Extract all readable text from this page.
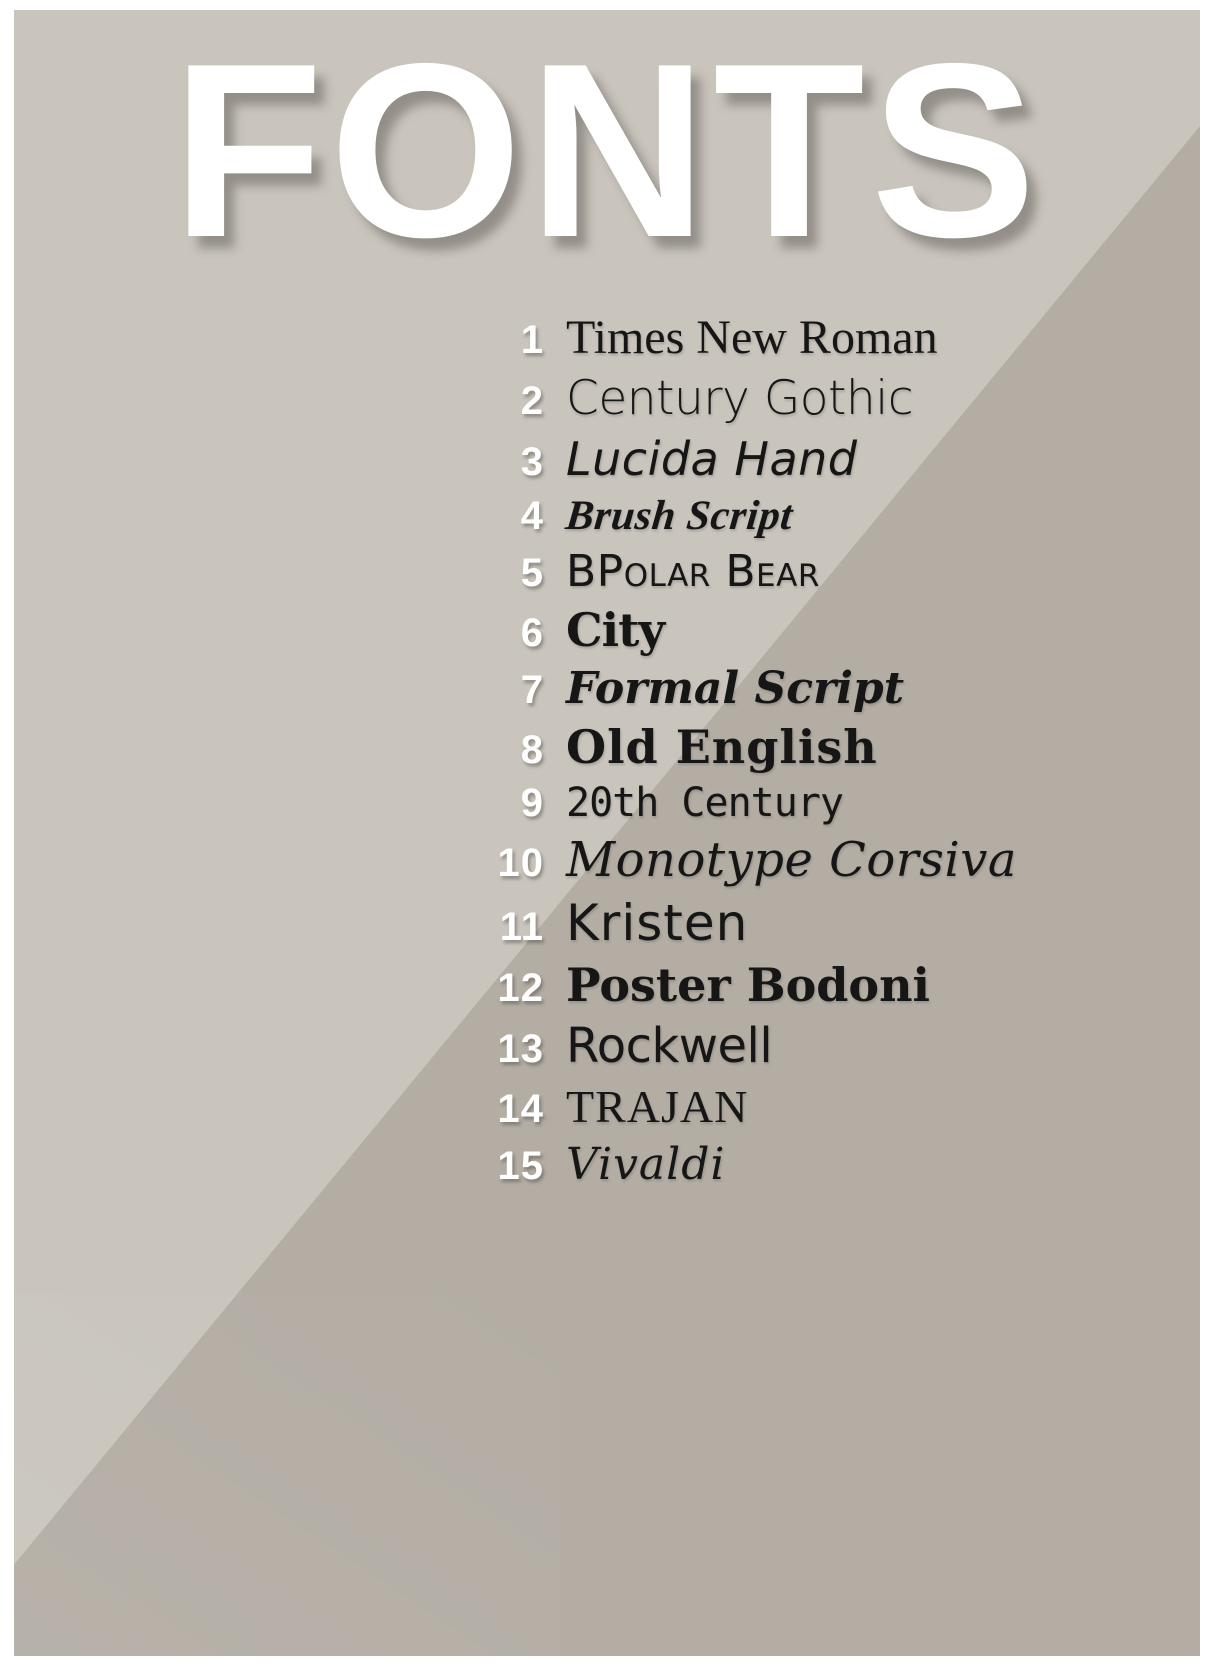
FONTS
1 Times New Roman
2 Century Gothic
3 Lucida Hand
4 Brush Script
5 BPolar Bear
6 City
7 Formal Script
8 Old English
9 20th Century
10 Monotype Corsiva
11 Kristen
12 Poster Bodoni
13 Rockwell
14 TRAJAN
15 Vivaldi
